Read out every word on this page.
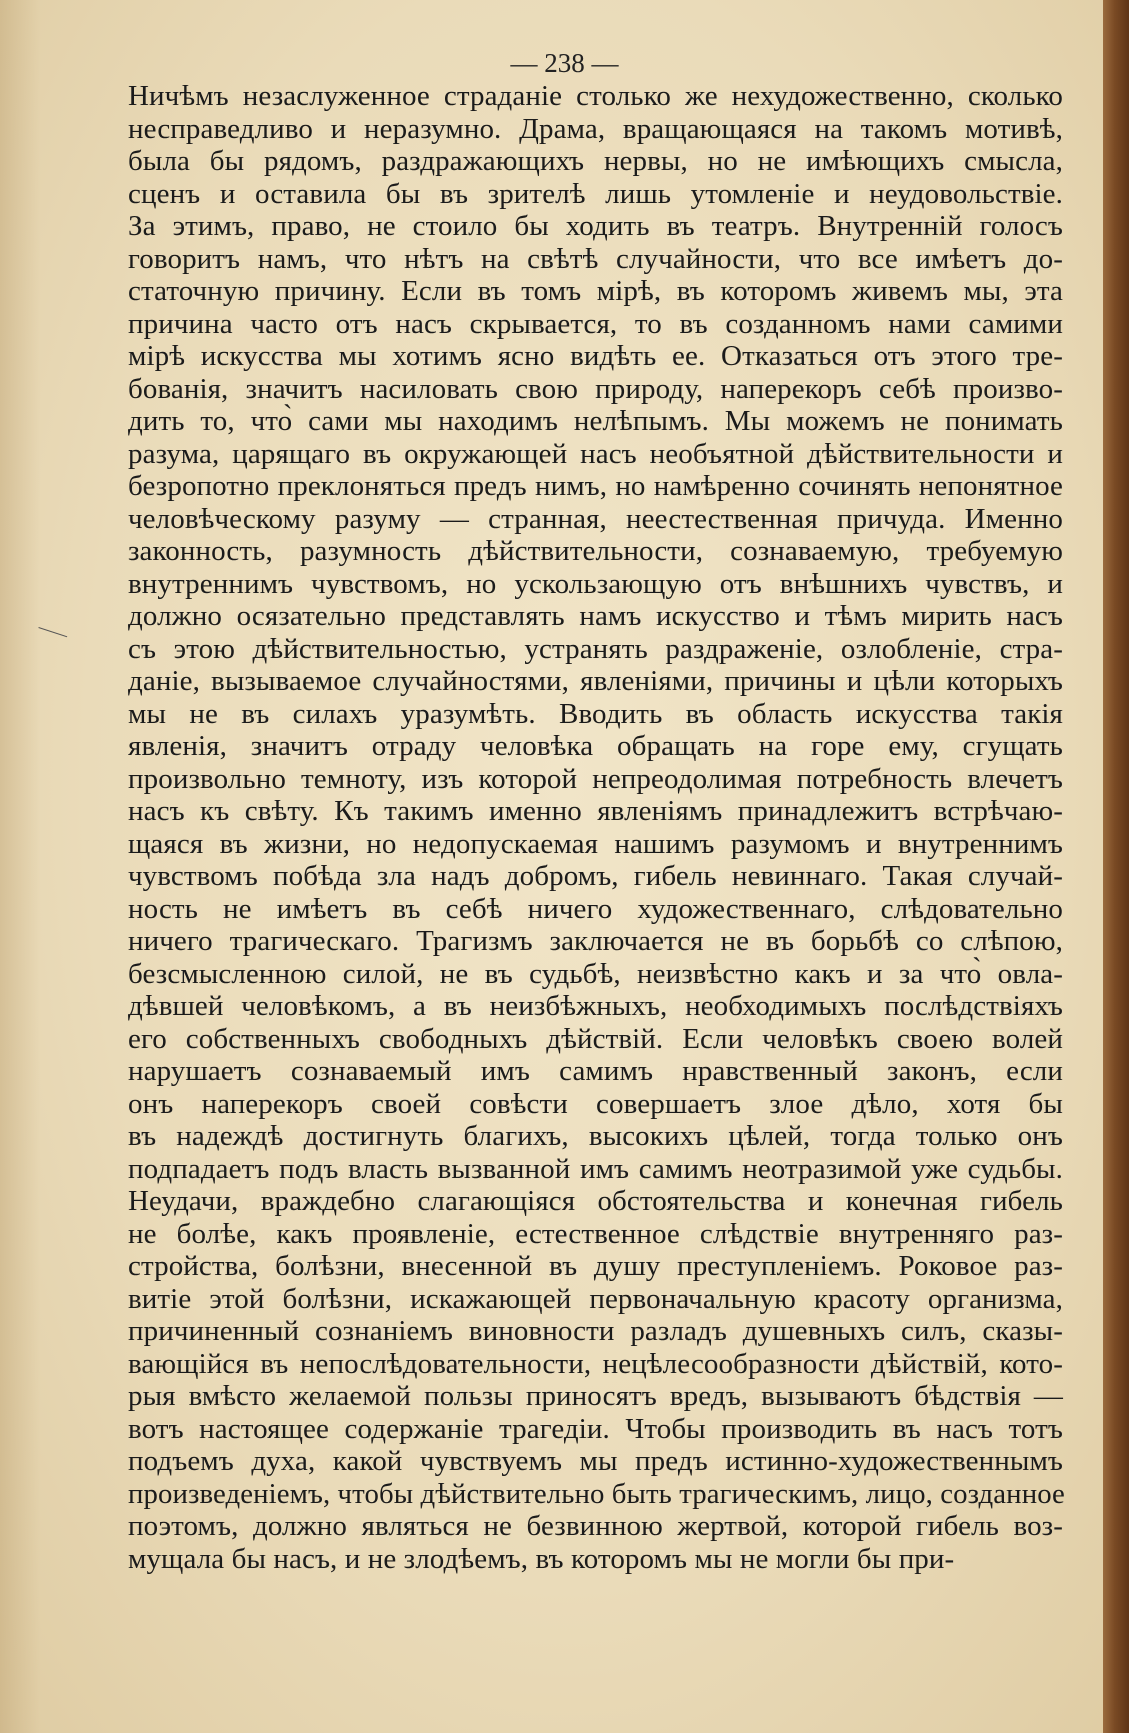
— 238 —
Ничѣмъ незаслуженное страданіе столько же нехудожественно, сколько
несправедливо и неразумно. Драма, вращающаяся на такомъ мотивѣ,
была бы рядомъ, раздражающихъ нервы, но не имѣющихъ смысла,
сценъ и оставила бы въ зрителѣ лишь утомленіе и неудовольствіе.
За этимъ, право, не стоило бы ходить въ театръ. Внутренній голосъ
говоритъ намъ, что нѣтъ на свѣтѣ случайности, что все имѣетъ до-
статочную причину. Если въ томъ мірѣ, въ которомъ живемъ мы, эта
причина часто отъ насъ скрывается, то въ созданномъ нами самими
мірѣ искусства мы хотимъ ясно видѣть ее. Отказаться отъ этого тре-
бованія, значитъ насиловать свою природу, наперекоръ себѣ произво-
дить то, что̀ сами мы находимъ нелѣпымъ. Мы можемъ не понимать
разума, царящаго въ окружающей насъ необъятной дѣйствительности и
безропотно преклоняться предъ нимъ, но намѣренно сочинять непонятное
человѣческому разуму — странная, неестественная причуда. Именно
законность, разумность дѣйствительности, сознаваемую, требуемую
внутреннимъ чувствомъ, но ускользающую отъ внѣшнихъ чувствъ, и
должно осязательно представлять намъ искусство и тѣмъ мирить насъ
съ этою дѣйствительностью, устранять раздраженіе, озлобленіе, стра-
даніе, вызываемое случайностями, явленіями, причины и цѣли которыхъ
мы не въ силахъ уразумѣть. Вводить въ область искусства такія
явленія, значитъ отраду человѣка обращать на горе ему, сгущать
произвольно темноту, изъ которой непреодолимая потребность влечетъ
насъ къ свѣту. Къ такимъ именно явленіямъ принадлежитъ встрѣчаю-
щаяся въ жизни, но недопускаемая нашимъ разумомъ и внутреннимъ
чувствомъ побѣда зла надъ добромъ, гибель невиннаго. Такая случай-
ность не имѣетъ въ себѣ ничего художественнаго, слѣдовательно
ничего трагическаго. Трагизмъ заключается не въ борьбѣ со слѣпою,
безсмысленною силой, не въ судьбѣ, неизвѣстно какъ и за что̀ овла-
дѣвшей человѣкомъ, а въ неизбѣжныхъ, необходимыхъ послѣдствіяхъ
его собственныхъ свободныхъ дѣйствій. Если человѣкъ своею волей
нарушаетъ сознаваемый имъ самимъ нравственный законъ, если
онъ наперекоръ своей совѣсти совершаетъ злое дѣло, хотя бы
въ надеждѣ достигнуть благихъ, высокихъ цѣлей, тогда только онъ
подпадаетъ подъ власть вызванной имъ самимъ неотразимой уже судьбы.
Неудачи, враждебно слагающіяся обстоятельства и конечная гибель
не болѣе, какъ проявленіе, естественное слѣдствіе внутренняго раз-
стройства, болѣзни, внесенной въ душу преступленіемъ. Роковое раз-
витіе этой болѣзни, искажающей первоначальную красоту организма,
причиненный сознаніемъ виновности разладъ душевныхъ силъ, сказы-
вающійся въ непослѣдовательности, нецѣлесообразности дѣйствій, кото-
рыя вмѣсто желаемой пользы приносятъ вредъ, вызываютъ бѣдствія —
вотъ настоящее содержаніе трагедіи. Чтобы производить въ насъ тотъ
подъемъ духа, какой чувствуемъ мы предъ истинно-художественнымъ
произведеніемъ, чтобы дѣйствительно быть трагическимъ, лицо, созданное
поэтомъ, должно являться не безвинною жертвой, которой гибель воз-
мущала бы насъ, и не злодѣемъ, въ которомъ мы не могли бы при-
